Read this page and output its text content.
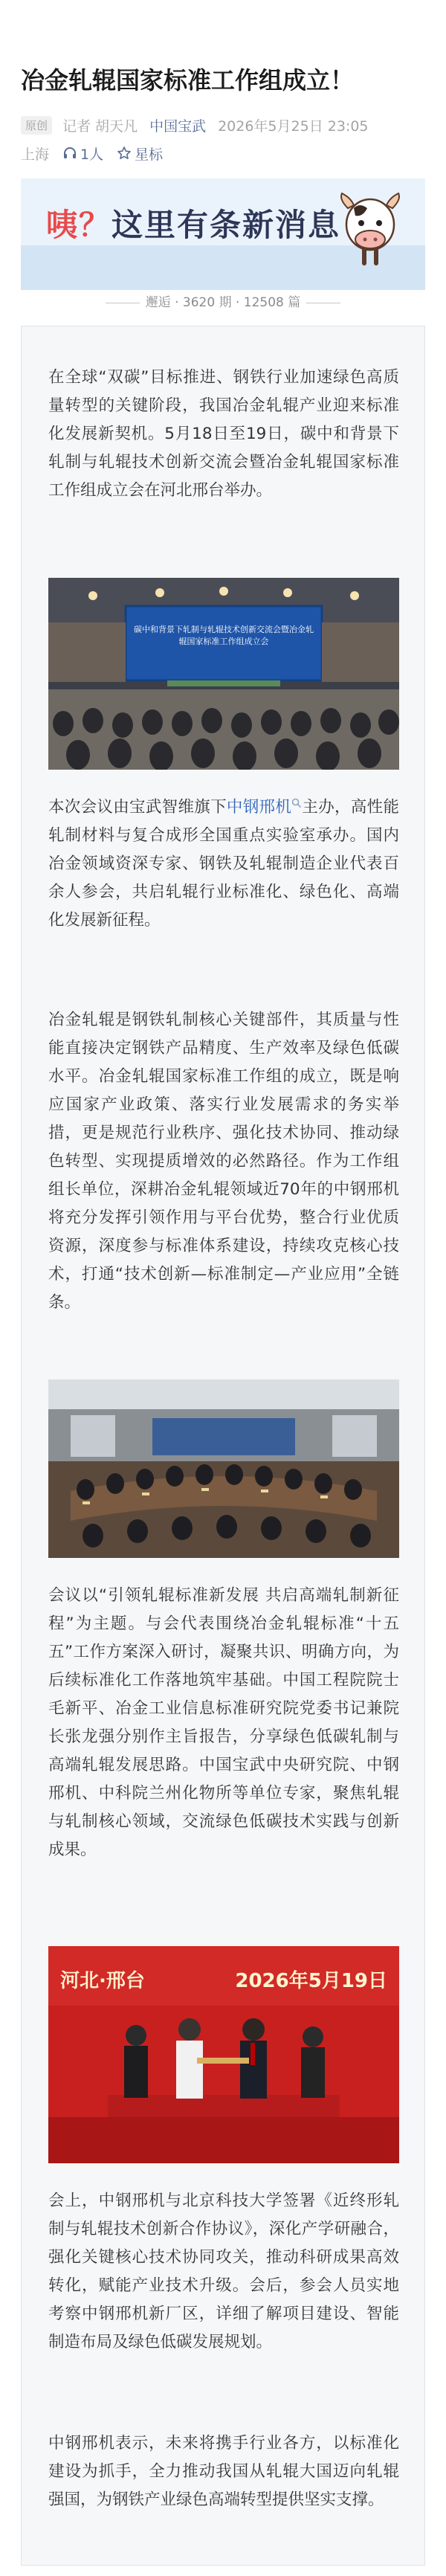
冶金轧辊国家标准工作组成立！
原创	记者 胡天凡 中国宝武 2026年5月25日 23:05
上海 1人 星标
咦？这里有条新消息
邂逅 · 3620 期 · 12508 篇

在全球“双碳”目标推进、钢铁行业加速绿色高质量转型的关键阶段，我国冶金轧辊产业迎来标准化发展新契机。5月18日至19日，碳中和背景下轧制与轧辊技术创新交流会暨冶金轧辊国家标准工作组成立会在河北邢台举办。

碳中和背景下轧制与轧辊技术创新交流会暨冶金轧辊国家标准工作组成立会

本次会议由宝武智维旗下中钢邢机 主办，高性能轧制材料与复合成形全国重点实验室承办。国内冶金领域资深专家、钢铁及轧辊制造企业代表百余人参会，共启轧辊行业标准化、绿色化、高端化发展新征程。

冶金轧辊是钢铁轧制核心关键部件，其质量与性能直接决定钢铁产品精度、生产效率及绿色低碳水平。冶金轧辊国家标准工作组的成立，既是响应国家产业政策、落实行业发展需求的务实举措，更是规范行业秩序、强化技术协同、推动绿色转型、实现提质增效的必然路径。作为工作组组长单位，深耕冶金轧辊领域近70年的中钢邢机将充分发挥引领作用与平台优势，整合行业优质资源，深度参与标准体系建设，持续攻克核心技术，打通“技术创新—标准制定—产业应用”全链条。

会议以“引领轧辊标准新发展 共启高端轧制新征程”为主题。与会代表围绕冶金轧辊标准“十五五”工作方案深入研讨，凝聚共识、明确方向，为后续标准化工作落地筑牢基础。中国工程院院士毛新平、冶金工业信息标准研究院党委书记兼院长张龙强分别作主旨报告，分享绿色低碳轧制与高端轧辊发展思路。中国宝武中央研究院、中钢邢机、中科院兰州化物所等单位专家，聚焦轧辊与轧制核心领域，交流绿色低碳技术实践与创新成果。

河北·邢台	2026年5月19日

会上，中钢邢机与北京科技大学签署《近终形轧制与轧辊技术创新合作协议》，深化产学研融合，强化关键核心技术协同攻关，推动科研成果高效转化，赋能产业技术升级。会后，参会人员实地考察中钢邢机新厂区，详细了解项目建设、智能制造布局及绿色低碳发展规划。

中钢邢机表示，未来将携手行业各方，以标准化建设为抓手，全力推动我国从轧辊大国迈向轧辊强国，为钢铁产业绿色高端转型提供坚实支撑。
